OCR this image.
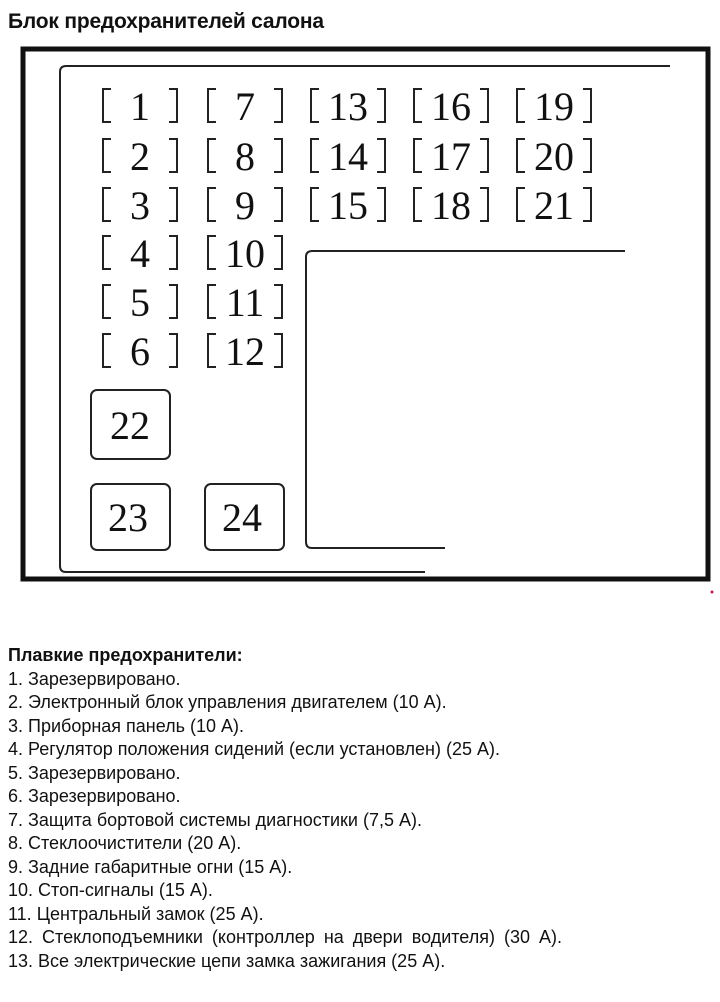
Блок предохранителей салона
1
2
3
4
5
6
7
8
9
10
11
12
13
14
15
16
17
18
19
20
21
22
23 24
Плавкие предохранители:
1. Зарезервировано.
2. Электронный блок управления двигателем (10 А).
3. Приборная панель (10 А).
4. Регулятор положения сидений (если установлен) (25 А).
5. Зарезервировано.
6. Зарезервировано.
7. Защита бортовой системы диагностики (7,5 А).
8. Стеклоочистители (20 А).
9. Задние габаритные огни (15 А).
10. Стоп-сигналы (15 А).
11. Центральный замок (25 А).
12. Стеклоподъемники (контроллер на двери водителя) (30 А).
13. Все электрические цепи замка зажигания (25 А).
